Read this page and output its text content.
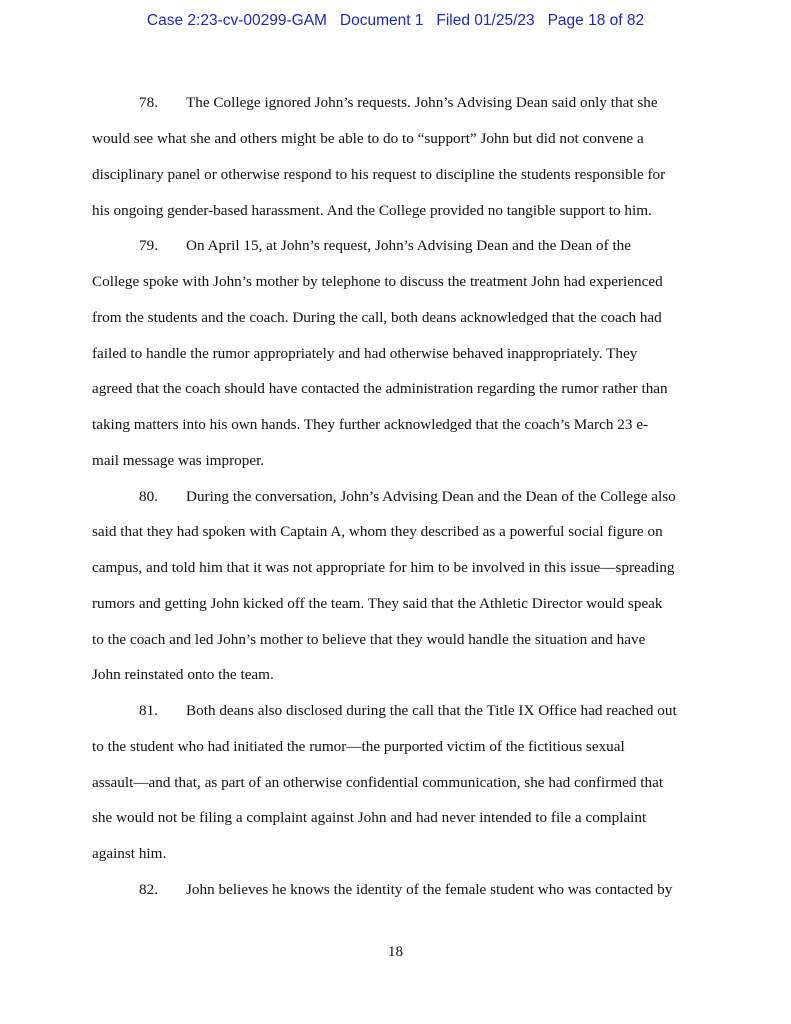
Case 2:23-cv-00299-GAM Document 1 Filed 01/25/23 Page 18 of 82
78. The College ignored John’s requests. John’s Advising Dean said only that she
would see what she and others might be able to do to “support” John but did not convene a
disciplinary panel or otherwise respond to his request to discipline the students responsible for
his ongoing gender-based harassment. And the College provided no tangible support to him.
79. On April 15, at John’s request, John’s Advising Dean and the Dean of the
College spoke with John’s mother by telephone to discuss the treatment John had experienced
from the students and the coach. During the call, both deans acknowledged that the coach had
failed to handle the rumor appropriately and had otherwise behaved inappropriately. They
agreed that the coach should have contacted the administration regarding the rumor rather than
taking matters into his own hands. They further acknowledged that the coach’s March 23 e-
mail message was improper.
80. During the conversation, John’s Advising Dean and the Dean of the College also
said that they had spoken with Captain A, whom they described as a powerful social figure on
campus, and told him that it was not appropriate for him to be involved in this issue—spreading
rumors and getting John kicked off the team. They said that the Athletic Director would speak
to the coach and led John’s mother to believe that they would handle the situation and have
John reinstated onto the team.
81. Both deans also disclosed during the call that the Title IX Office had reached out
to the student who had initiated the rumor—the purported victim of the fictitious sexual
assault—and that, as part of an otherwise confidential communication, she had confirmed that
she would not be filing a complaint against John and had never intended to file a complaint
against him.
82. John believes he knows the identity of the female student who was contacted by
18
